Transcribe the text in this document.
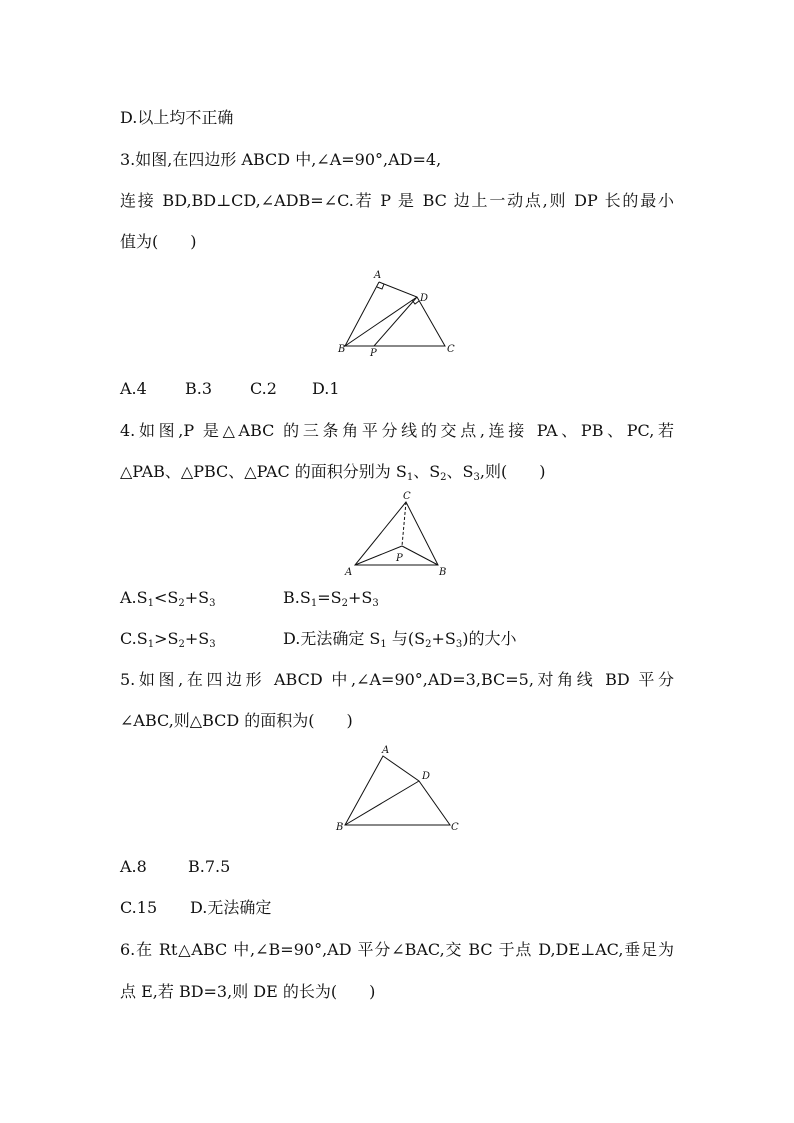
D.以上均不正确
3.如图,在四边形 ABCD 中,∠A=90°,AD=4,
连接 BD,BD⊥CD,∠ADB=∠C.若 P 是 BC 边上一动点,则 DP 长的最小
值为(　　)
A
D
B P	C
A.4 B.3 C.2 D.1
4.如图,P 是△ABC 的三条角平分线的交点,连接 PA、PB、PC,若
△PAB、△PBC、△PAC 的面积分别为 $S_1$、$S_2$、$S_3$,则(　　)
C
P
A	B
$A.S_1<S_2+S_3$	$B.S_1=S_2+S_3$
$C.S_1>S_2+S_3$	D.无法确定 $S_1$ 与$(S_2+S_3)$的大小
5.如图,在四边形 ABCD 中,∠A=90°,AD=3,BC=5,对角线 BD 平分
∠ABC,则△BCD 的面积为(　　)
A
D
B	C
A.8	B.7.5
C.15 D.无法确定
6.在 Rt△ABC 中,∠B=90°,AD 平分∠BAC,交 BC 于点 D,DE⊥AC,垂足为
点 E,若 BD=3,则 DE 的长为(　　)
